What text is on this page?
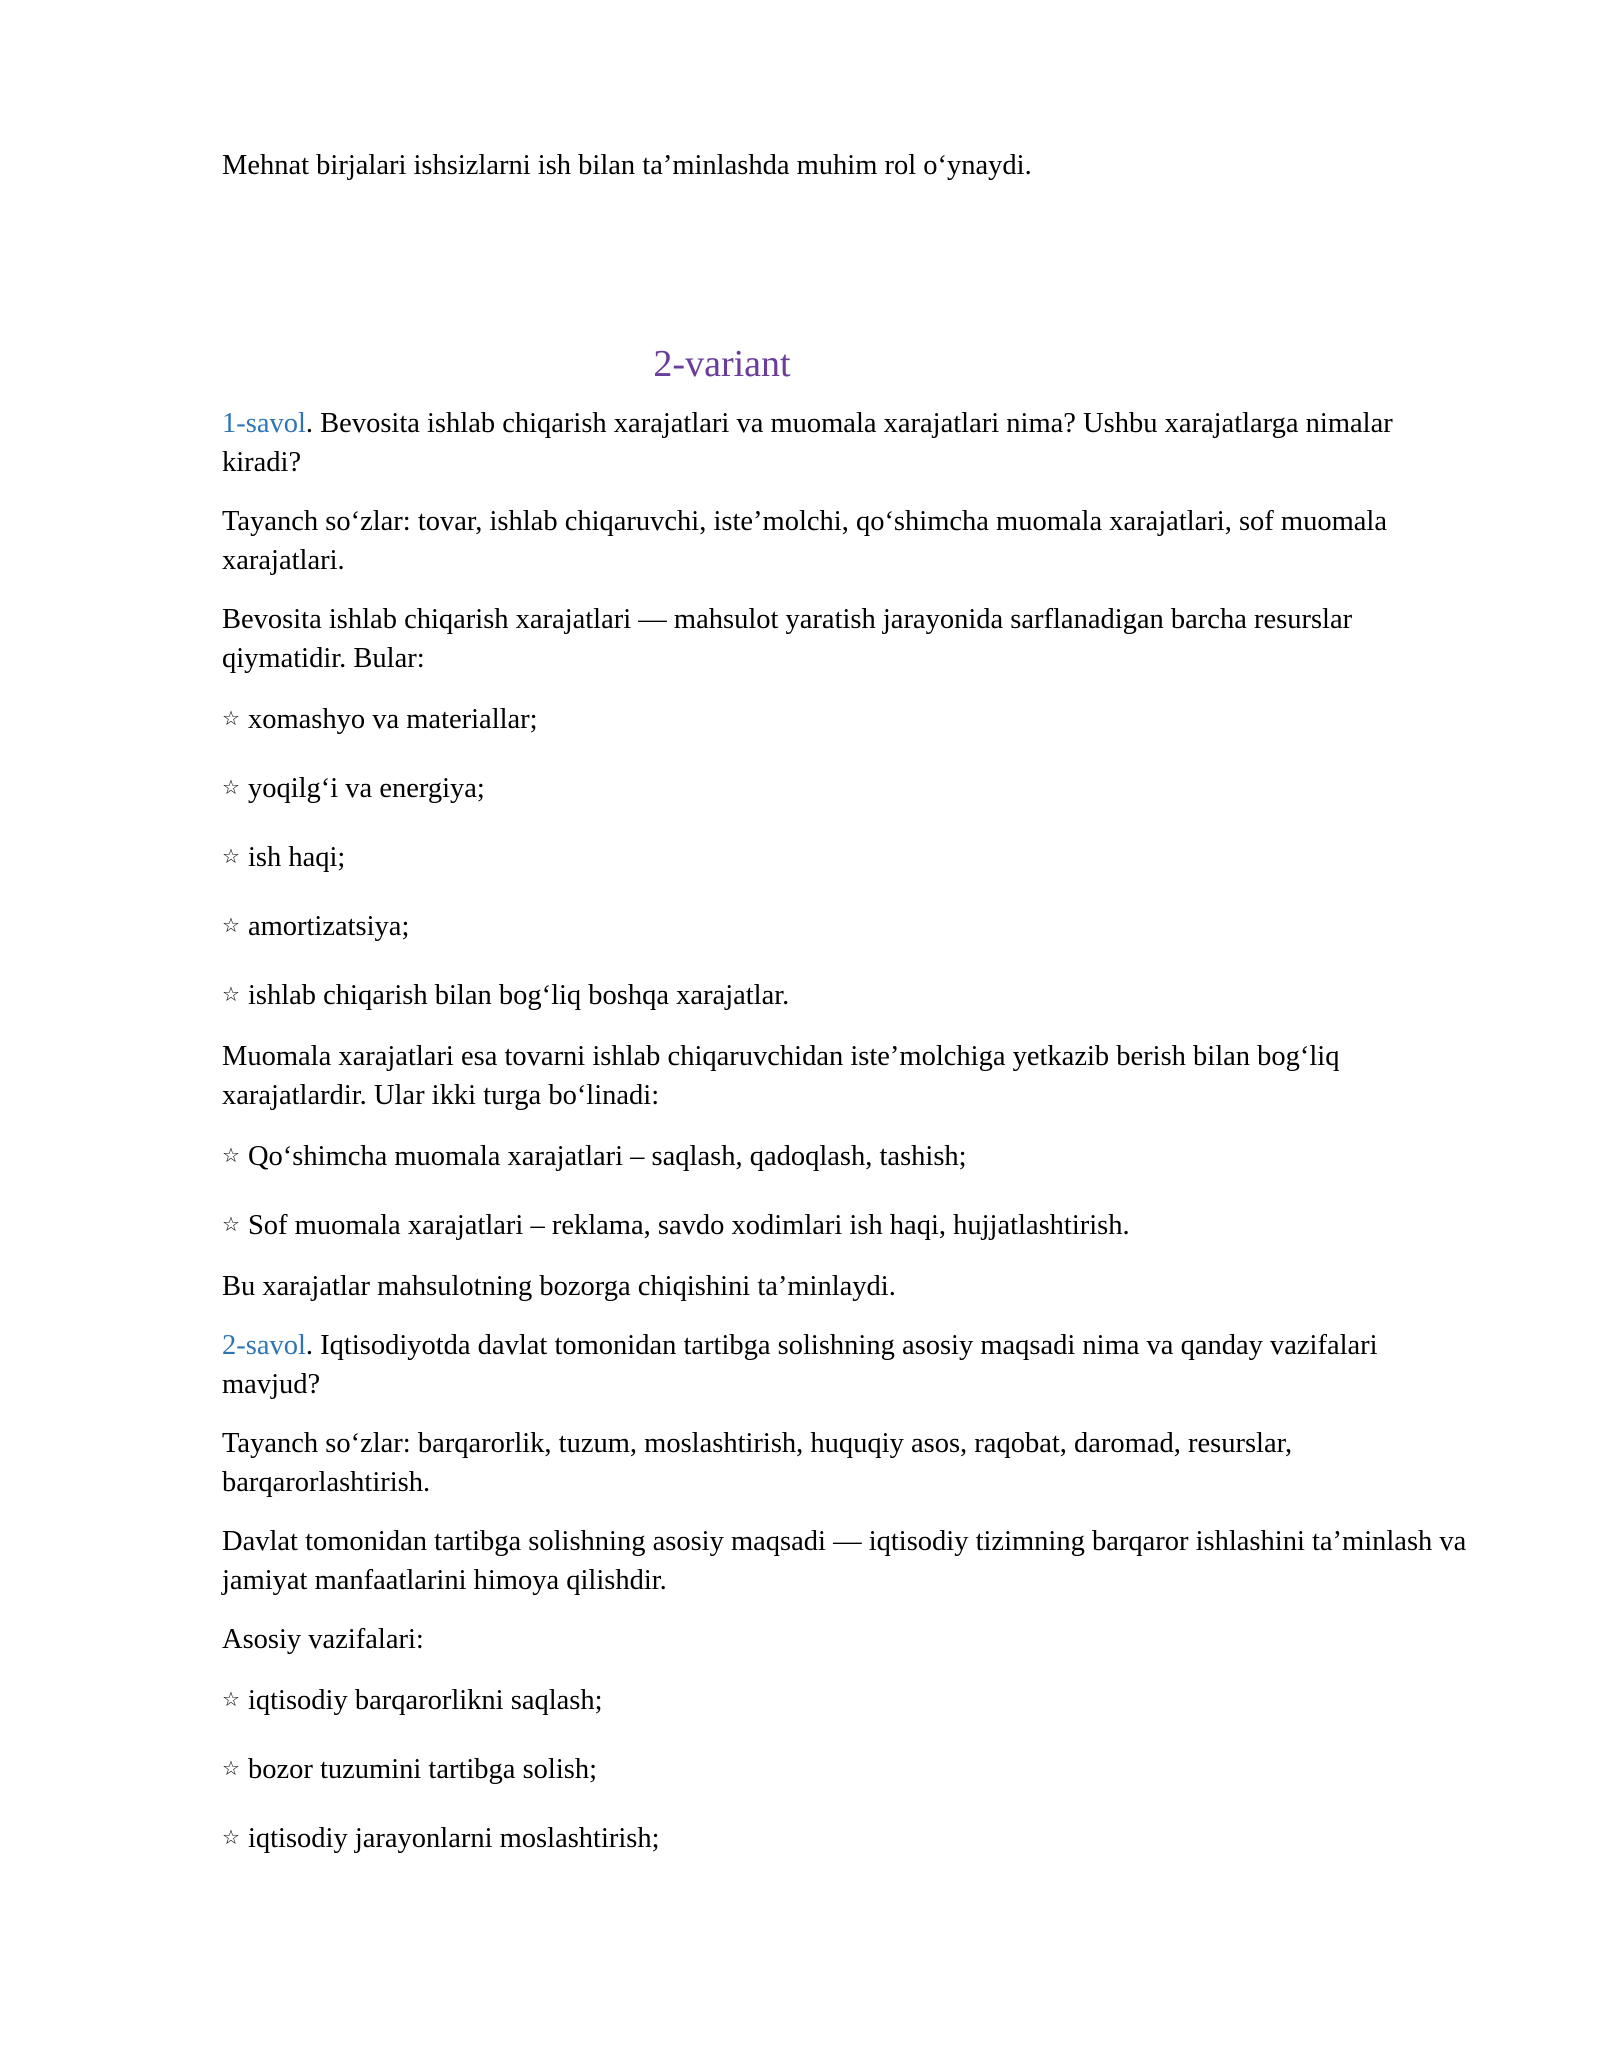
Mehnat birjalari ishsizlarni ish bilan ta’minlashda muhim rol o‘ynaydi.

2-variant

1-savol. Bevosita ishlab chiqarish xarajatlari va muomala xarajatlari nima? Ushbu xarajatlarga nimalar kiradi?

Tayanch so‘zlar: tovar, ishlab chiqaruvchi, iste’molchi, qo‘shimcha muomala xarajatlari, sof muomala xarajatlari.

Bevosita ishlab chiqarish xarajatlari — mahsulot yaratish jarayonida sarflanadigan barcha resurslar qiymatidir. Bular:

☆ xomashyo va materiallar;
☆ yoqilg‘i va energiya;
☆ ish haqi;
☆ amortizatsiya;
☆ ishlab chiqarish bilan bog‘liq boshqa xarajatlar.

Muomala xarajatlari esa tovarni ishlab chiqaruvchidan iste’molchiga yetkazib berish bilan bog‘liq xarajatlardir. Ular ikki turga bo‘linadi:

☆ Qo‘shimcha muomala xarajatlari – saqlash, qadoqlash, tashish;
☆ Sof muomala xarajatlari – reklama, savdo xodimlari ish haqi, hujjatlashtirish.

Bu xarajatlar mahsulotning bozorga chiqishini ta’minlaydi.

2-savol. Iqtisodiyotda davlat tomonidan tartibga solishning asosiy maqsadi nima va qanday vazifalari mavjud?

Tayanch so‘zlar: barqarorlik, tuzum, moslashtirish, huquqiy asos, raqobat, daromad, resurslar, barqarorlashtirish.

Davlat tomonidan tartibga solishning asosiy maqsadi — iqtisodiy tizimning barqaror ishlashini ta’minlash va jamiyat manfaatlarini himoya qilishdir.

Asosiy vazifalari:

☆ iqtisodiy barqarorlikni saqlash;
☆ bozor tuzumini tartibga solish;
☆ iqtisodiy jarayonlarni moslashtirish;
